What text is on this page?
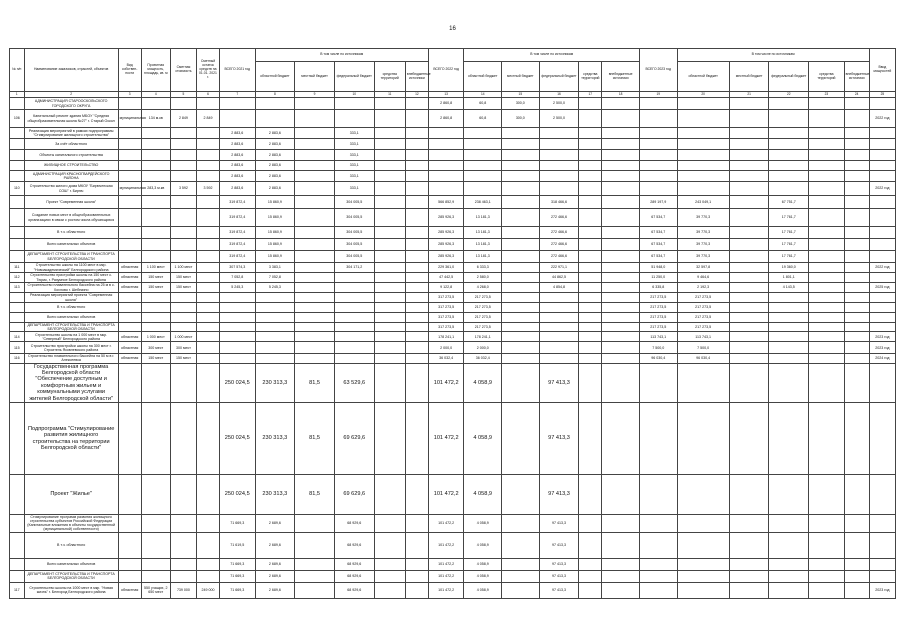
16
№ п/п	Наименование заказчиков, отраслей, объектов	Вид собствен-ности	Проектная мощность, площадь, кв. м	Сметная стоимость	Сметный остаток средств на 01.01. 2021 г.	ВСЕГО 2021 год	В том числе по источникам					ВСЕГО 2022 год	В том числе по источникам					ВСЕГО 2023 год	В том числе по источникам					Ввод мощностей
							областной бюджет	местный бюджет	федеральный бюджет	средства территорий	внебюджетные источники		областной бюджет	местный бюджет	федеральный бюджет	средства территорий	внебюджетные источники		областной бюджет	местный бюджет	федеральный бюджет	средства территорий	внебюджетные источники	
1	2	3	4	5	6	7	8	9	10	11	12	13	14	15	16	17	18	19	20	21	22	23	24	25
	АДМИНИСТРАЦИЯ СТАРООСКОЛЬСКОГО ГОРОДСКОГО ОКРУГА											2 860,8	60,8	300,0	2 500,0									
106	Капитальный ремонт здания МБОУ "Средняя общеобразовательная школа №27" г. Старый Оскол	муниципальная	134 м.кв	2 849	2 849							2 860,8	60,8	300,0	2 500,0									2022 год
	Реализация мероприятий в рамках подпрограммы "Стимулирование жилищного строительства"					2 883,6	2 883,6		333,1															
	За счёт областного					2 883,6	2 883,6		333,1															
	Объекты капитального строительства					2 883,6	2 883,6		333,1															
	ЖИЛИЩНОЕ СТРОИТЕЛЬСТВО					2 883,6	2 883,6		333,1															
	АДМИНИСТРАЦИЯ КРАСНОГВАРДЕЙСКОГО РАЙОНА					2 883,6	2 883,6		333,1															
110	Строительство жилого дома МКОУ "Бирюченская СОШ" г. Бирюч	муниципальная	283,3 м.кв	3 592	3 592	2 883,6	2 883,6		333,1															2022 год
	Проект "Современная школа"					319 872,4	15 860,9		304 005,5			566 852,9	238 463,1		318 466,6			289 197,9	243 049,1		67 751,7			
	Создание новых мест в общеобразовательных организациях в связи с ростом числа обучающихся					319 872,4	15 860,9		304 005,5			285 926,3	13 181,3		272 466,6			67 534,7	39 770,3		17 761,7			
	В т.ч. областного					319 872,4	15 860,9		304 005,5			285 926,3	13 181,3		272 466,6			67 534,7	39 770,3		17 761,7			
	Всего капитальных объектов					319 872,4	15 860,9		304 005,5			285 926,3	13 181,3		272 466,6			67 534,7	39 770,3		17 761,7			
	ДЕПАРТАМЕНТ СТРОИТЕЛЬСТВА И ТРАНСПОРТА БЕЛГОРОДСКОЙ ОБЛАСТИ					319 872,4	15 860,9		304 005,5			285 926,3	13 181,3		272 466,6			67 534,7	39 770,3		17 761,7			
111	Строительство школы на 1100 мест в мкр. "Новоакадемический" Белгородского района	областная	1 100 мест	1 100 мест		307 574,3	3 383,1		304 171,2			229 361,0	6 333,3		222 971,1			51 948,0	32 597,8		19 360,0			2022 год
112	Строительство пристройки школы на 150 мест с. Тюрик, г. Разумное Белгородского района	областная	150 мест	150 мест		7 052,8	7 052,8					47 442,5	2 580,0		44 862,5			11 250,0	9 464,6		1 801,1			
113	Строительство плавательного бассейна на 25 м в с. Хохлово г. Шебекино	областная	150 мест	150 мест		5 245,3	5 245,3					9 122,8	4 268,0		4 854,8			6 335,8	2 192,3		4 143,5			2025 год
	Реализация мероприятий проекта "Современная школа"											317 273,5	217 273,5					217 273,5	217 273,5					
	В т.ч. областного											317 273,5	217 273,5					217 273,5	217 273,5					
	Всего капитальных объектов											317 273,5	217 273,5					217 273,5	217 273,5					
	ДЕПАРТАМЕНТ СТРОИТЕЛЬСТВА И ТРАНСПОРТА БЕЛГОРОДСКОЙ ОБЛАСТИ											317 273,5	217 273,5					217 273,5	217 273,5					
114	Строительство школы на 1 000 мест в мкр. "Северный" Белгородского района	областная	1 000 мест	1 000 мест								178 241,1	178 241,1					113 743,1	113 743,1					2023 год
115	Строительство пристройки школы на 300 мест г. Строитель Яковлевского района	областная	300 мест	300 мест								2 000,0	2 000,0					7 500,0	7 500,0					2023 год
116	Строительство плавательного бассейна на 50 м в г. Алексеевка	областная	150 мест	150 мест								36 032,4	36 032,4					96 030,4	96 030,4					2024 год
	Государственная программа Белгородской области "Обеспечение доступным и комфортным жильем и коммунальными услугами жителей Белгородской области"					250 024,5	230 313,3	81,5	63 529,6			101 472,2	4 058,9		97 413,3									
	Подпрограмма "Стимулирование развития жилищного строительства на территории Белгородской области"					250 024,5	230 313,3	81,5	69 629,6			101 472,2	4 058,9		97 413,3									
	Проект "Жилье"					250 024,5	230 313,3	81,5	69 629,6			101 472,2	4 058,9		97 413,3									
	Стимулирование программ развития жилищного строительства субъектов Российской Федерации (Капитальные вложения в объекты государственной (муниципальной) собственности)					71 669,3	2 689,6		68 929,6			101 472,2	4 058,9		97 413,3									
	В т.ч. областного					71 619,5	2 689,6		68 929,6			101 472,2	4 058,9		97 413,3									
	Всего капитальных объектов					71 669,3	2 689,6		68 929,6			101 472,2	4 058,9		97 413,3									
	ДЕПАРТАМЕНТ СТРОИТЕЛЬСТВА И ТРАНСПОРТА БЕЛГОРОДСКОЙ ОБЛАСТИ					71 669,3	2 689,6		68 929,6			101 472,2	4 058,9		97 413,3									
117	Строительство школы на 1000 мест в мкр. "Новая жизнь" г. Белгород Белгородского района	областная	550 учащих, 2 650 мест	739 000	249 000	71 669,3	2 689,6		68 929,6			101 472,2	4 058,9		97 413,3									2023 год
